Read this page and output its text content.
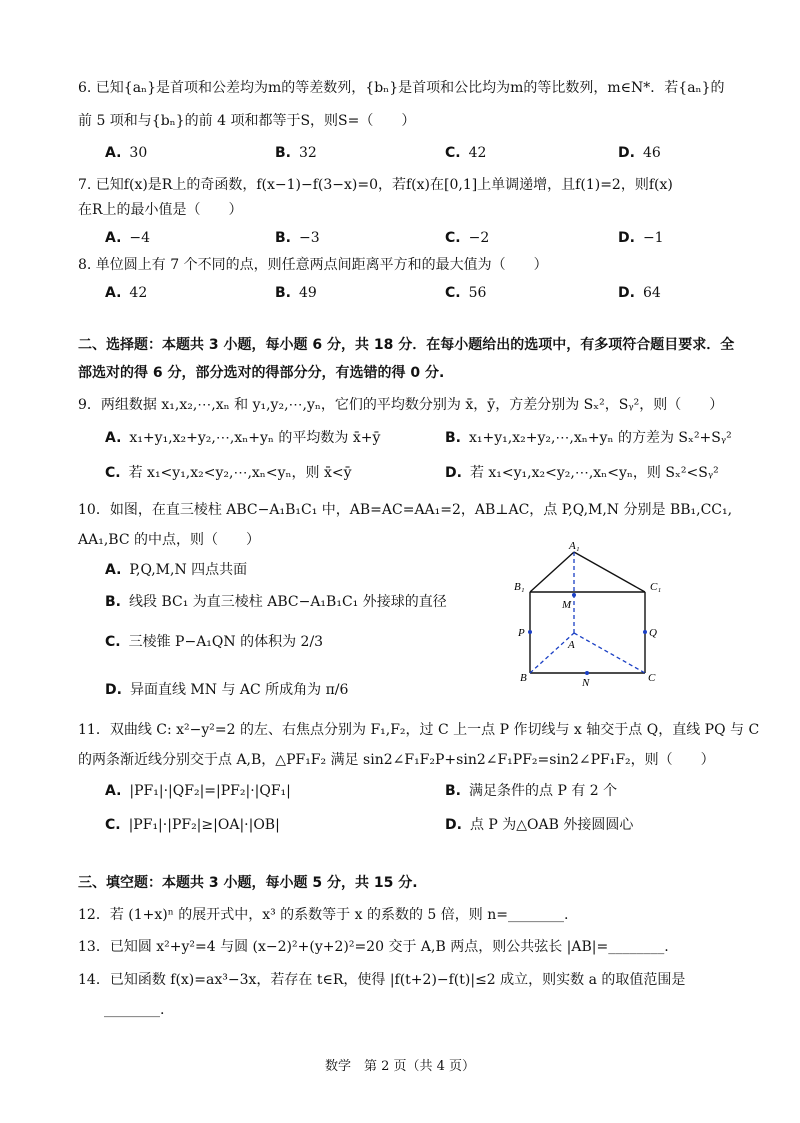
6. 已知{aₙ}是首项和公差均为m的等差数列，{bₙ}是首项和公比均为m的等比数列，m∈N*．若{aₙ}的
前 5 项和与{bₙ}的前 4 项和都等于S，则S=（　　）
A. 30	B. 32	C. 42	D. 46
7. 已知f(x)是R上的奇函数，f(x−1)−f(3−x)=0，若f(x)在[0,1]上单调递增，且f(1)=2，则f(x)
在R上的最小值是（　　）
A. −4	B. −3	C. −2	D. −1
8. 单位圆上有 7 个不同的点，则任意两点间距离平方和的最大值为（　　）
A. 42	B. 49	C. 56	D. 64
二、选择题：本题共 3 小题，每小题 6 分，共 18 分．在每小题给出的选项中，有多项符合题目要求．全
部选对的得 6 分，部分选对的得部分分，有选错的得 0 分.
9．两组数据 x₁,x₂,⋯,xₙ 和 y₁,y₂,⋯,yₙ，它们的平均数分别为 x̄，ȳ，方差分别为 Sₓ²，Sᵧ²，则（　　）
A. x₁+y₁,x₂+y₂,⋯,xₙ+yₙ 的平均数为 x̄+ȳ	B. x₁+y₁,x₂+y₂,⋯,xₙ+yₙ 的方差为 Sₓ²+Sᵧ²
C. 若 x₁<y₁,x₂<y₂,⋯,xₙ<yₙ，则 x̄<ȳ	D. 若 x₁<y₁,x₂<y₂,⋯,xₙ<yₙ，则 Sₓ²<Sᵧ²
10．如图，在直三棱柱 ABC−A₁B₁C₁ 中，AB=AC=AA₁=2，AB⊥AC，点 P,Q,M,N 分别是 BB₁,CC₁,
AA₁,BC 的中点，则（　　）
A. P,Q,M,N 四点共面
B. 线段 BC₁ 为直三棱柱 ABC−A₁B₁C₁ 外接球的直径
C. 三棱锥 P−A₁QN 的体积为 2/3
D. 异面直线 MN 与 AC 所成角为 π/6
A₁
B₁	C₁
M
P	Q
A
B	N	C
11．双曲线 C: x²−y²=2 的左、右焦点分别为 F₁,F₂，过 C 上一点 P 作切线与 x 轴交于点 Q，直线 PQ 与 C
的两条渐近线分别交于点 A,B，△PF₁F₂ 满足 sin2∠F₁F₂P+sin2∠F₁PF₂=sin2∠PF₁F₂，则（　　）
A. |PF₁|·|QF₂|=|PF₂|·|QF₁|	B. 满足条件的点 P 有 2 个
C. |PF₁|·|PF₂|≥|OA|·|OB|	D. 点 P 为△OAB 外接圆圆心
三、填空题：本题共 3 小题，每小题 5 分，共 15 分.
12．若 (1+x)ⁿ 的展开式中，x³ 的系数等于 x 的系数的 5 倍，则 n=________.
13．已知圆 x²+y²=4 与圆 (x−2)²+(y+2)²=20 交于 A,B 两点，则公共弦长 |AB|=________.
14．已知函数 f(x)=ax³−3x，若存在 t∈R，使得 |f(t+2)−f(t)|≤2 成立，则实数 a 的取值范围是
________.
数学　第 2 页（共 4 页）
